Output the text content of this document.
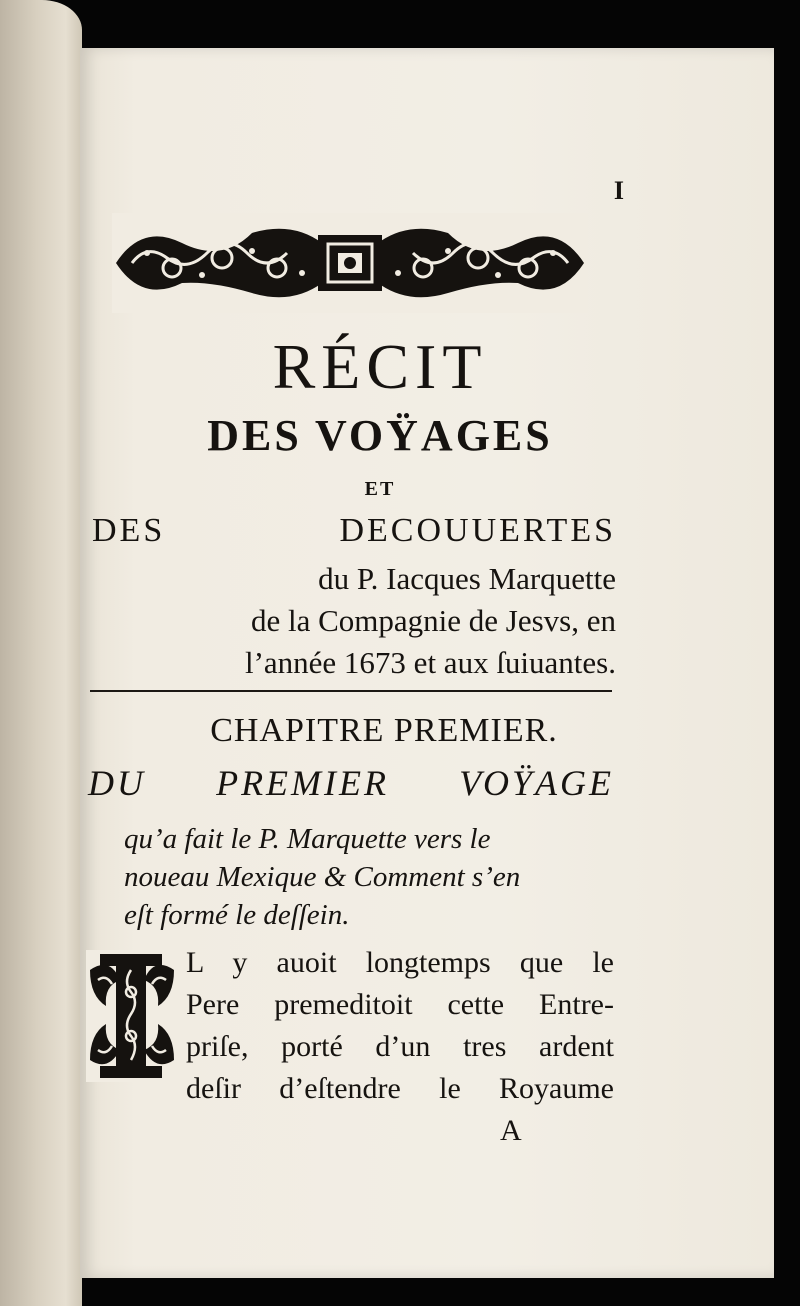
I
RÉCIT
DES VOŸAGES
ET
DES	DECOUUERTES
du P. Iacques Marquette
de la Compagnie de Jesvs, en
l’année 1673 et aux ſuiuantes.
CHAPITRE PREMIER.
DU PREMIER VOŸAGE
qu’a fait le P. Marquette vers le
noueau Mexique & Comment s’en
eſt formé le deſſein.
L y auoit longtemps que le
Pere premeditoit cette Entre-
priſe, porté d’un tres ardent
deſir d’eſtendre le Royaume
A
